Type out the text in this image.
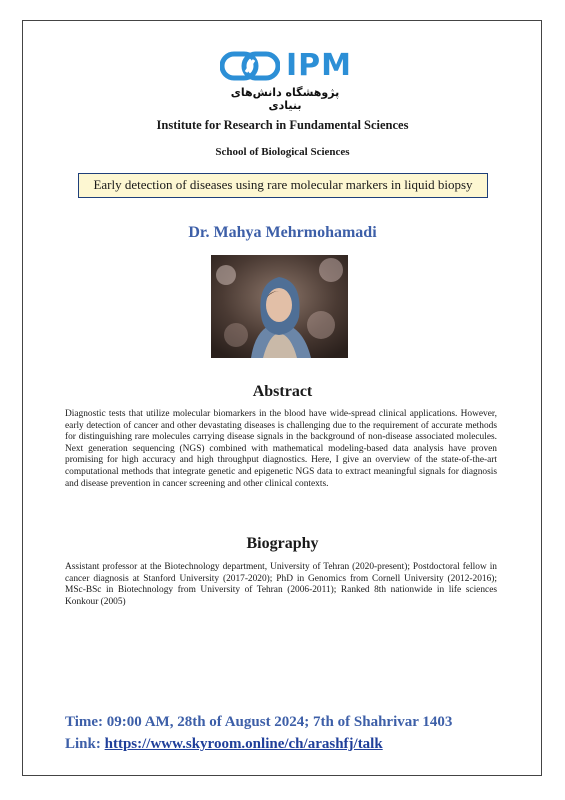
IPM
پژوهشگاه دانش‌های بنیادی
Institute for Research in Fundamental Sciences
School of Biological Sciences
Early detection of diseases using rare molecular markers in liquid biopsy
Dr. Mahya Mehrmohamadi
Abstract
Diagnostic tests that utilize molecular biomarkers in the blood have wide-spread clinical applications. However, early detection of cancer and other devastating diseases is challenging due to the requirement of accurate methods for distinguishing rare molecules carrying disease signals in the background of non-disease associated molecules. Next generation sequencing (NGS) combined with mathematical modeling-based data analysis have proven promising for high accuracy and high throughput diagnostics. Here, I give an overview of the state-of-the-art computational methods that integrate genetic and epigenetic NGS data to extract meaningful signals for diagnosis and disease prevention in cancer screening and other clinical contexts.
Biography
Assistant professor at the Biotechnology department, University of Tehran (2020-present); Postdoctoral fellow in cancer diagnosis at Stanford University (2017-2020); PhD in Genomics from Cornell University (2012-2016); MSc-BSc in Biotechnology from University of Tehran (2006-2011); Ranked 8th nationwide in life sciences Konkour (2005)
Time: 09:00 AM, 28th of August 2024; 7th of Shahrivar 1403
Link: https://www.skyroom.online/ch/arashfj/talk
